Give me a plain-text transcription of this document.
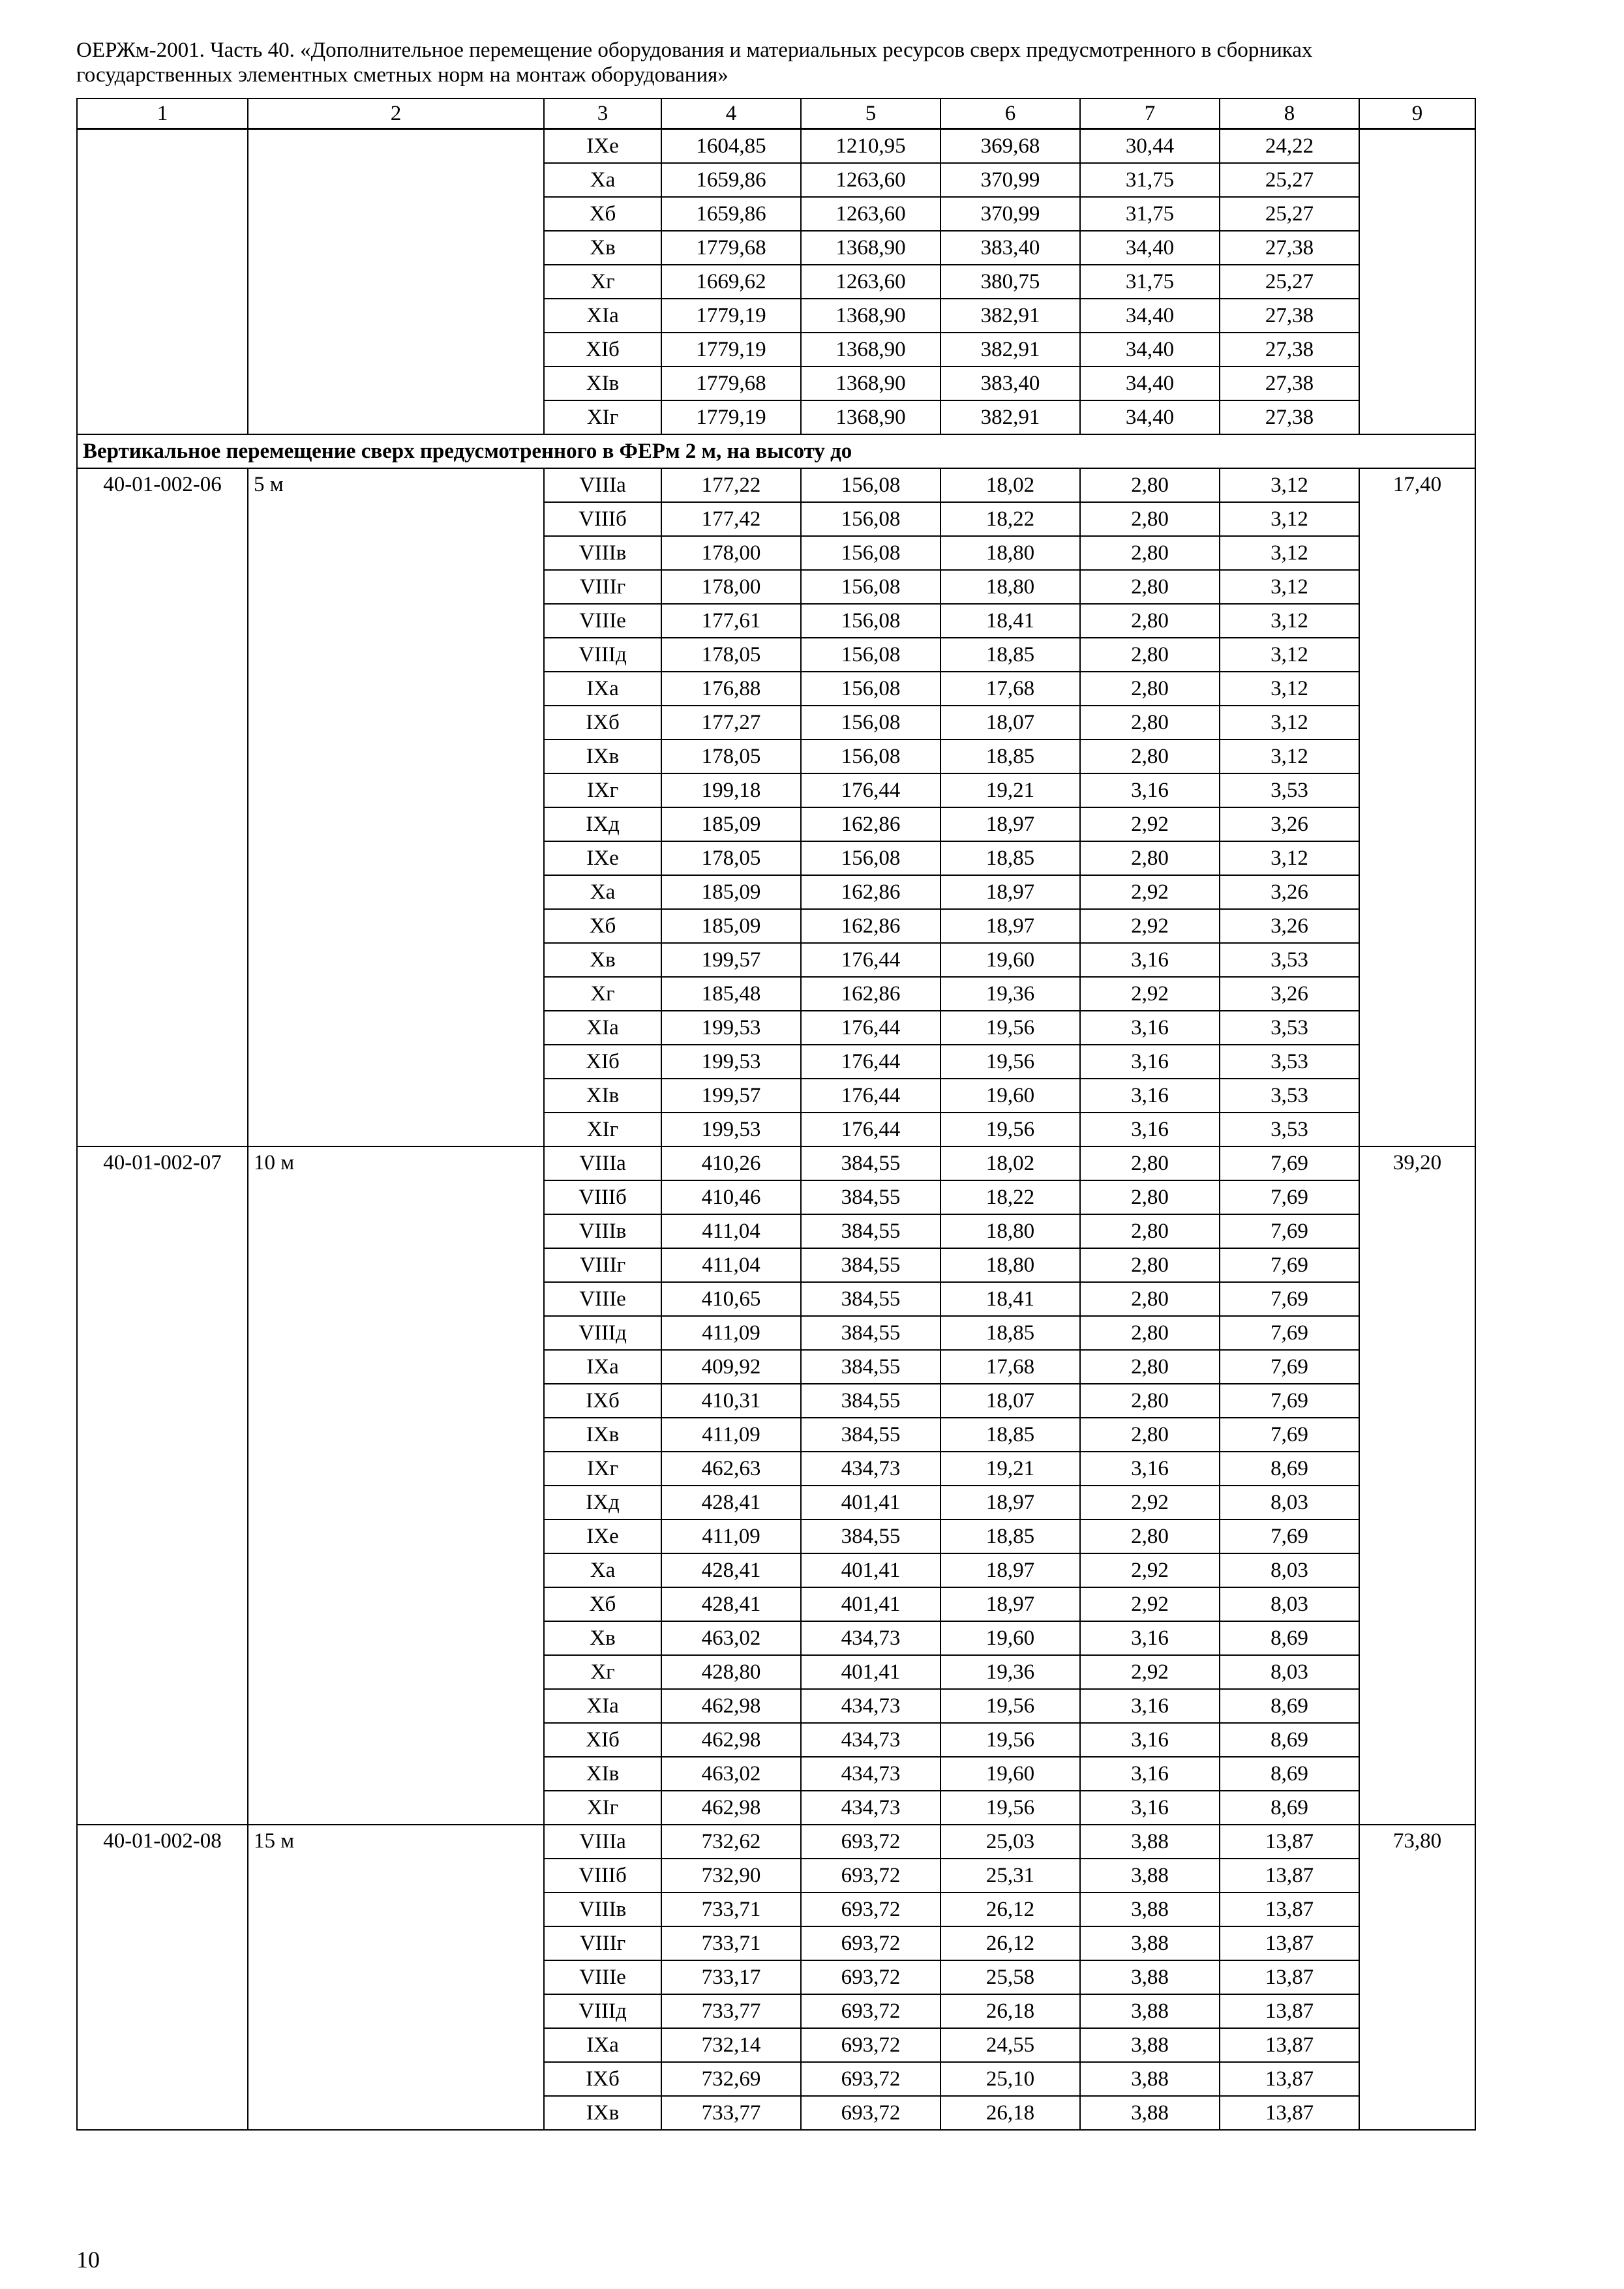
ОЕРЖм-2001. Часть 40. «Дополнительное перемещение оборудования и материальных ресурсов сверх предусмотренного в сборниках
государственных элементных сметных норм на монтаж оборудования»
1	2	3	4	5	6	7	8	9
		IXе	1604,85	1210,95	369,68	30,44	24,22	
		Xа	1659,86	1263,60	370,99	31,75	25,27	
		Xб	1659,86	1263,60	370,99	31,75	25,27	
		Xв	1779,68	1368,90	383,40	34,40	27,38	
		Xг	1669,62	1263,60	380,75	31,75	25,27	
		XIа	1779,19	1368,90	382,91	34,40	27,38	
		XIб	1779,19	1368,90	382,91	34,40	27,38	
		XIв	1779,68	1368,90	383,40	34,40	27,38	
		XIг	1779,19	1368,90	382,91	34,40	27,38	
Вертикальное перемещение сверх предусмотренного в ФЕРм 2 м, на высоту до								
40-01-002-06	5 м	VIIIа	177,22	156,08	18,02	2,80	3,12	17,40
		VIIIб	177,42	156,08	18,22	2,80	3,12	
		VIIIв	178,00	156,08	18,80	2,80	3,12	
		VIIIг	178,00	156,08	18,80	2,80	3,12	
		VIIIе	177,61	156,08	18,41	2,80	3,12	
		VIIIд	178,05	156,08	18,85	2,80	3,12	
		IXа	176,88	156,08	17,68	2,80	3,12	
		IXб	177,27	156,08	18,07	2,80	3,12	
		IXв	178,05	156,08	18,85	2,80	3,12	
		IXг	199,18	176,44	19,21	3,16	3,53	
		IXд	185,09	162,86	18,97	2,92	3,26	
		IXе	178,05	156,08	18,85	2,80	3,12	
		Xа	185,09	162,86	18,97	2,92	3,26	
		Xб	185,09	162,86	18,97	2,92	3,26	
		Xв	199,57	176,44	19,60	3,16	3,53	
		Xг	185,48	162,86	19,36	2,92	3,26	
		XIа	199,53	176,44	19,56	3,16	3,53	
		XIб	199,53	176,44	19,56	3,16	3,53	
		XIв	199,57	176,44	19,60	3,16	3,53	
		XIг	199,53	176,44	19,56	3,16	3,53	
40-01-002-07	10 м	VIIIа	410,26	384,55	18,02	2,80	7,69	39,20
		VIIIб	410,46	384,55	18,22	2,80	7,69	
		VIIIв	411,04	384,55	18,80	2,80	7,69	
		VIIIг	411,04	384,55	18,80	2,80	7,69	
		VIIIе	410,65	384,55	18,41	2,80	7,69	
		VIIIд	411,09	384,55	18,85	2,80	7,69	
		IXа	409,92	384,55	17,68	2,80	7,69	
		IXб	410,31	384,55	18,07	2,80	7,69	
		IXв	411,09	384,55	18,85	2,80	7,69	
		IXг	462,63	434,73	19,21	3,16	8,69	
		IXд	428,41	401,41	18,97	2,92	8,03	
		IXе	411,09	384,55	18,85	2,80	7,69	
		Xа	428,41	401,41	18,97	2,92	8,03	
		Xб	428,41	401,41	18,97	2,92	8,03	
		Xв	463,02	434,73	19,60	3,16	8,69	
		Xг	428,80	401,41	19,36	2,92	8,03	
		XIа	462,98	434,73	19,56	3,16	8,69	
		XIб	462,98	434,73	19,56	3,16	8,69	
		XIв	463,02	434,73	19,60	3,16	8,69	
		XIг	462,98	434,73	19,56	3,16	8,69	
40-01-002-08	15 м	VIIIа	732,62	693,72	25,03	3,88	13,87	73,80
		VIIIб	732,90	693,72	25,31	3,88	13,87	
		VIIIв	733,71	693,72	26,12	3,88	13,87	
		VIIIг	733,71	693,72	26,12	3,88	13,87	
		VIIIе	733,17	693,72	25,58	3,88	13,87	
		VIIIд	733,77	693,72	26,18	3,88	13,87	
		IXа	732,14	693,72	24,55	3,88	13,87	
		IXб	732,69	693,72	25,10	3,88	13,87	
		IXв	733,77	693,72	26,18	3,88	13,87	
10
